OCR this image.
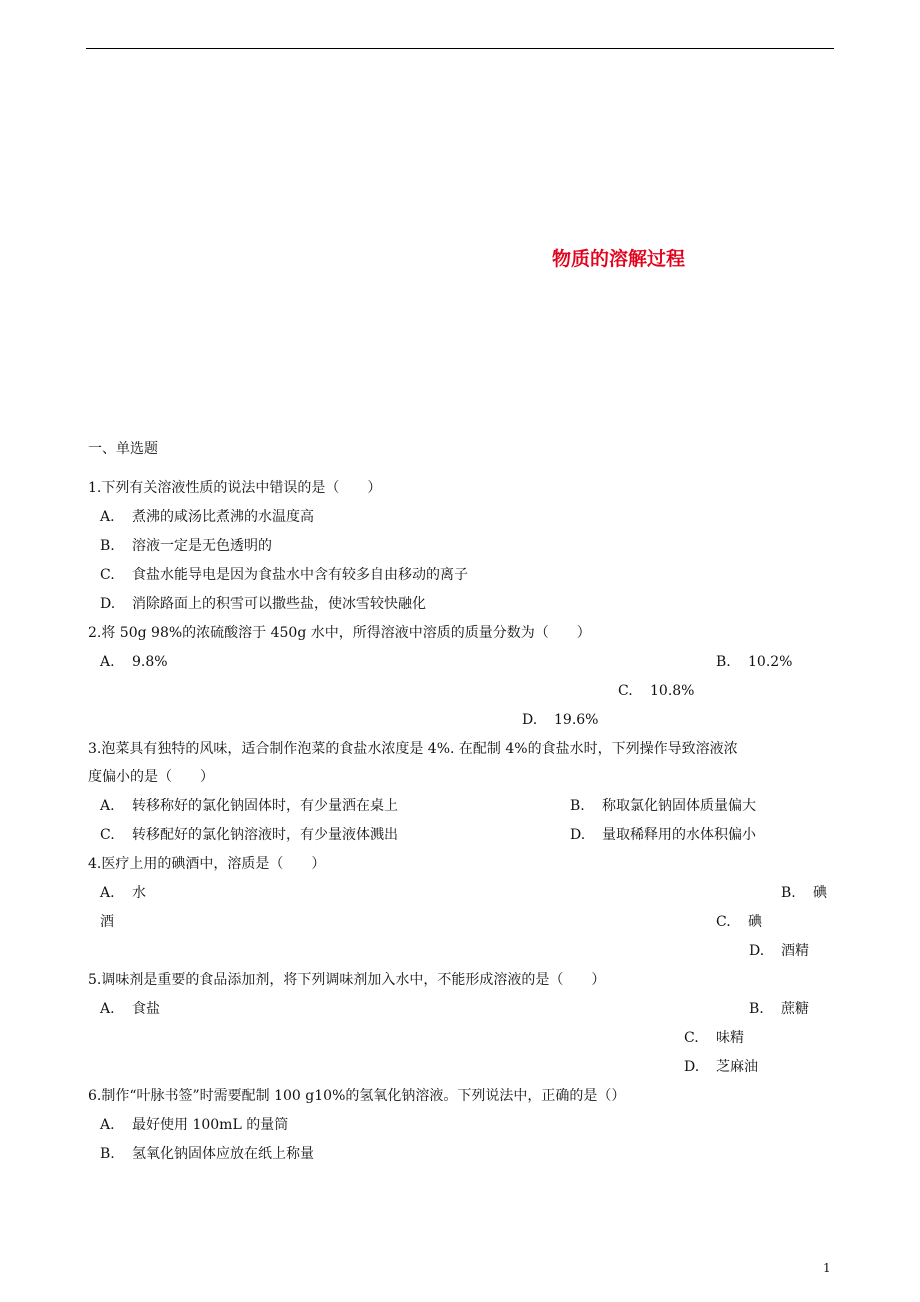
物质的溶解过程
一、单选题
1.下列有关溶液性质的说法中错误的是（　　）
A. 煮沸的咸汤比煮沸的水温度高
B. 溶液一定是无色透明的
C. 食盐水能导电是因为食盐水中含有较多自由移动的离子
D. 消除路面上的积雪可以撒些盐，使冰雪较快融化
2.将 50g 98%的浓硫酸溶于 450g 水中，所得溶液中溶质的质量分数为（　　）
A. 9.8%	B. 10.2%
C. 10.8%
D. 19.6%
3.泡菜具有独特的风味，适合制作泡菜的食盐水浓度是 4%. 在配制 4%的食盐水时，下列操作导致溶液浓
度偏小的是（　　）
A. 转移称好的氯化钠固体时，有少量洒在桌上	B. 称取氯化钠固体质量偏大
C. 转移配好的氯化钠溶液时，有少量液体溅出	D. 量取稀释用的水体积偏小
4.医疗上用的碘酒中，溶质是（　　）
A. 水	B. 碘
酒	C. 碘
D. 酒精
5.调味剂是重要的食品添加剂，将下列调味剂加入水中，不能形成溶液的是（　　）
A. 食盐	B. 蔗糖
C. 味精
D. 芝麻油
6.制作“叶脉书签”时需要配制 100 g10%的氢氧化钠溶液。下列说法中，正确的是（）
A. 最好使用 100mL 的量筒
B. 氢氧化钠固体应放在纸上称量
1
